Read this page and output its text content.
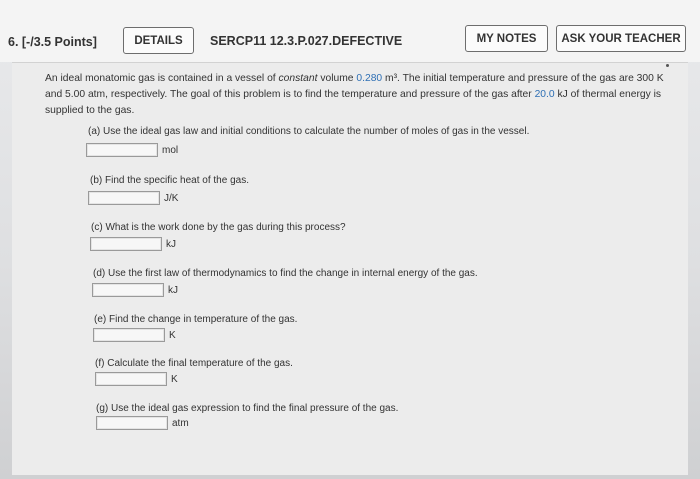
6. [-/3.5 Points]	DETAILS	SERCP11 12.3.P.027.DEFECTIVE	MY NOTES	ASK YOUR TEACHER
An ideal monatomic gas is contained in a vessel of constant volume 0.280 m³. The initial temperature and pressure of the gas are 300 K and 5.00 atm, respectively. The goal of this problem is to find the temperature and pressure of the gas after 20.0 kJ of thermal energy is supplied to the gas.
(a) Use the ideal gas law and initial conditions to calculate the number of moles of gas in the vessel.
mol
(b) Find the specific heat of the gas.
J/K
(c) What is the work done by the gas during this process?
kJ
(d) Use the first law of thermodynamics to find the change in internal energy of the gas.
kJ
(e) Find the change in temperature of the gas.
K
(f) Calculate the final temperature of the gas.
K
(g) Use the ideal gas expression to find the final pressure of the gas.
atm
